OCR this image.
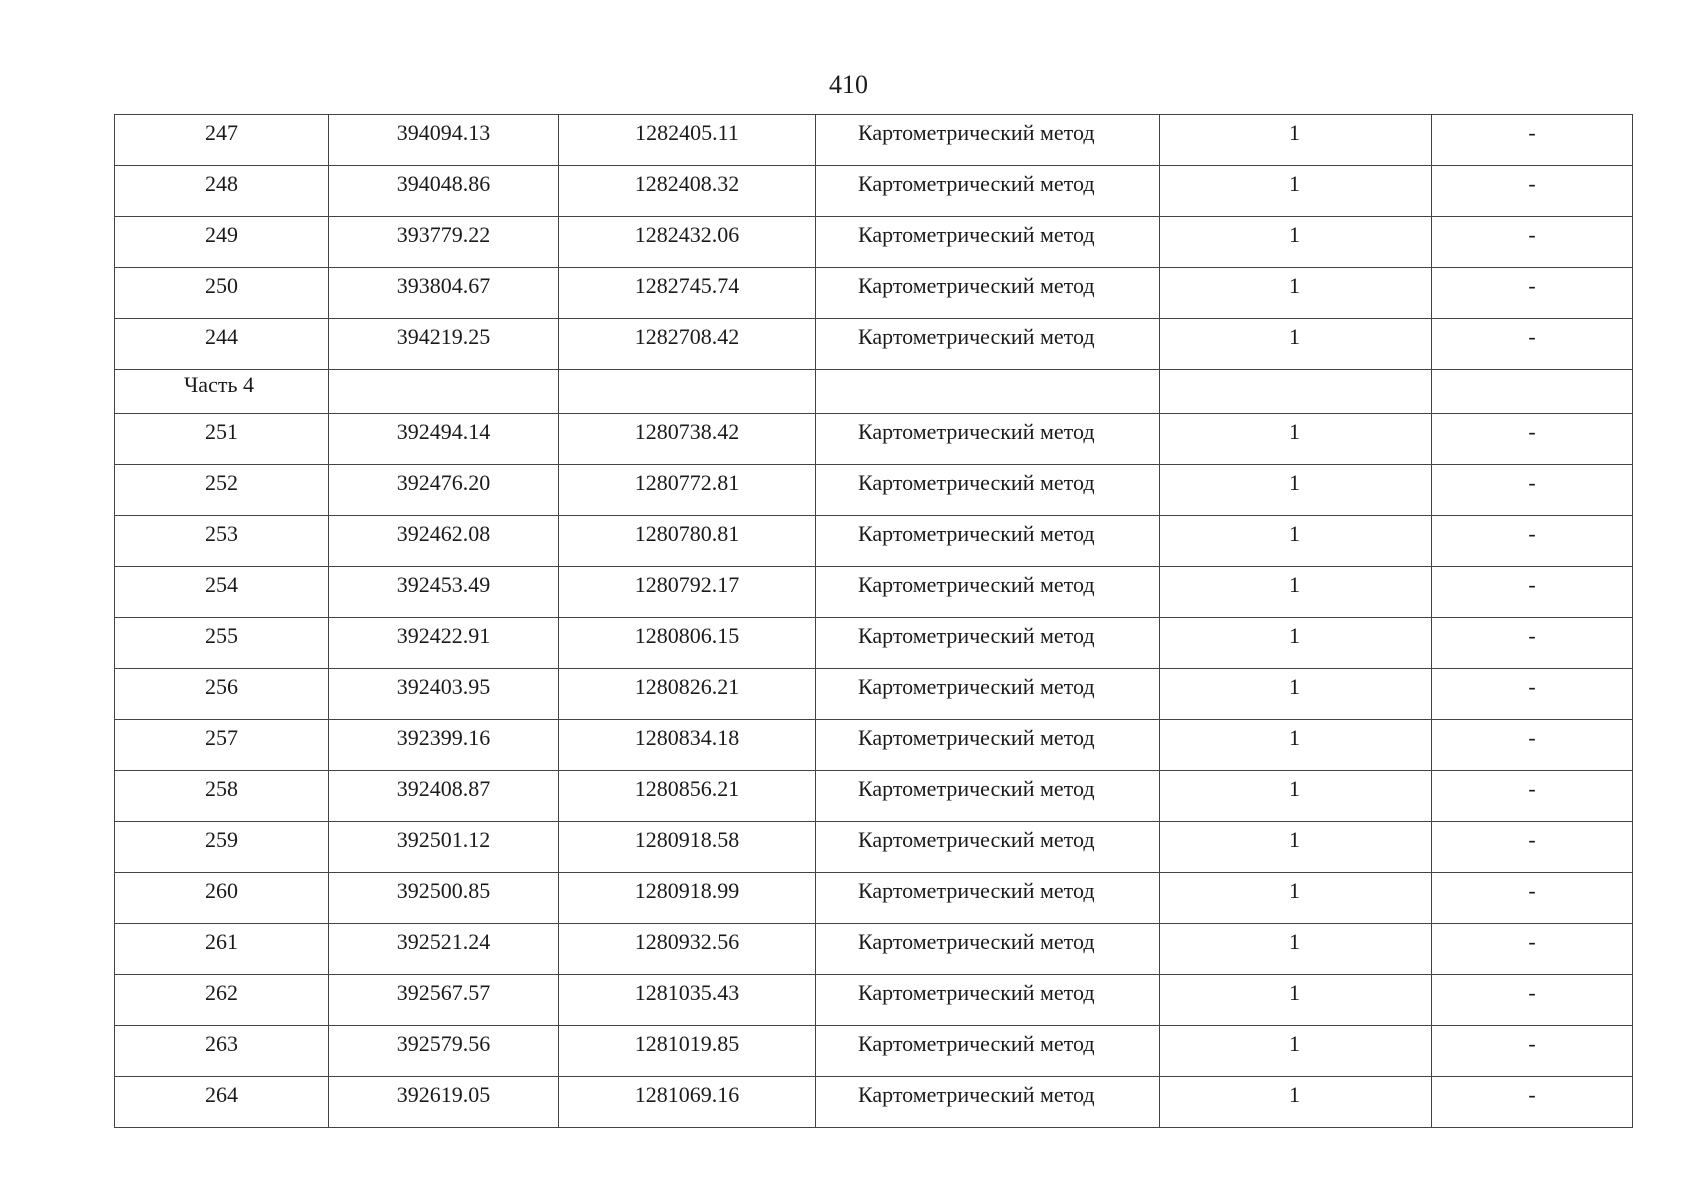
410
247	394094.13	1282405.11	Картометрический метод	1	-

248	394048.86	1282408.32	Картометрический метод	1	-

249	393779.22	1282432.06	Картометрический метод	1	-

250	393804.67	1282745.74	Картометрический метод	1	-

244	394219.25	1282708.42	Картометрический метод	1	-

Часть 4					

251	392494.14	1280738.42	Картометрический метод	1	-

252	392476.20	1280772.81	Картометрический метод	1	-

253	392462.08	1280780.81	Картометрический метод	1	-

254	392453.49	1280792.17	Картометрический метод	1	-

255	392422.91	1280806.15	Картометрический метод	1	-

256	392403.95	1280826.21	Картометрический метод	1	-

257	392399.16	1280834.18	Картометрический метод	1	-

258	392408.87	1280856.21	Картометрический метод	1	-

259	392501.12	1280918.58	Картометрический метод	1	-

260	392500.85	1280918.99	Картометрический метод	1	-

261	392521.24	1280932.56	Картометрический метод	1	-

262	392567.57	1281035.43	Картометрический метод	1	-

263	392579.56	1281019.85	Картометрический метод	1	-

264	392619.05	1281069.16	Картометрический метод	1	-
